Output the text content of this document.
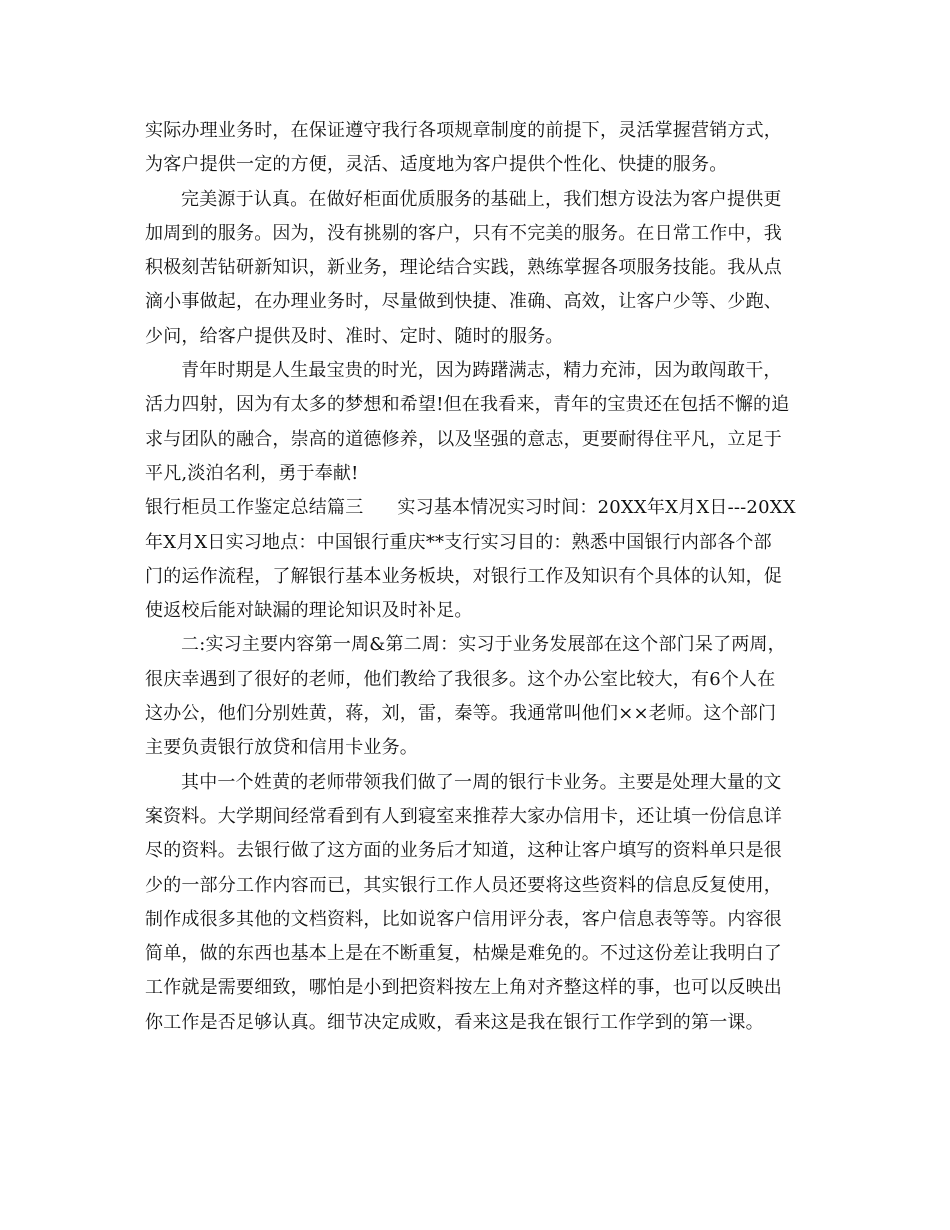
实际办理业务时，在保证遵守我行各项规章制度的前提下，灵活掌握营销方式，
为客户提供一定的方便，灵活、适度地为客户提供个性化、快捷的服务。
完美源于认真。在做好柜面优质服务的基础上，我们想方设法为客户提供更
加周到的服务。因为，没有挑剔的客户，只有不完美的服务。在日常工作中，我
积极刻苦钻研新知识，新业务，理论结合实践，熟练掌握各项服务技能。我从点
滴小事做起，在办理业务时，尽量做到快捷、准确、高效，让客户少等、少跑、
少问，给客户提供及时、准时、定时、随时的服务。
青年时期是人生最宝贵的时光，因为踌躇满志，精力充沛，因为敢闯敢干，
活力四射，因为有太多的梦想和希望!但在我看来，青年的宝贵还在包括不懈的追
求与团队的融合，崇高的道德修养，以及坚强的意志，更要耐得住平凡，立足于
平凡,淡泊名利，勇于奉献!
银行柜员工作鉴定总结篇三 实习基本情况实习时间：20XX年X月X日---20XX
年X月X日实习地点：中国银行重庆**支行实习目的：熟悉中国银行内部各个部
门的运作流程，了解银行基本业务板块，对银行工作及知识有个具体的认知，促
使返校后能对缺漏的理论知识及时补足。
二:实习主要内容第一周&第二周：实习于业务发展部在这个部门呆了两周，
很庆幸遇到了很好的老师，他们教给了我很多。这个办公室比较大，有6个人在
这办公，他们分别姓黄，蒋，刘，雷，秦等。我通常叫他们××老师。这个部门
主要负责银行放贷和信用卡业务。
其中一个姓黄的老师带领我们做了一周的银行卡业务。主要是处理大量的文
案资料。大学期间经常看到有人到寝室来推荐大家办信用卡，还让填一份信息详
尽的资料。去银行做了这方面的业务后才知道，这种让客户填写的资料单只是很
少的一部分工作内容而已，其实银行工作人员还要将这些资料的信息反复使用，
制作成很多其他的文档资料，比如说客户信用评分表，客户信息表等等。内容很
简单，做的东西也基本上是在不断重复，枯燥是难免的。不过这份差让我明白了
工作就是需要细致，哪怕是小到把资料按左上角对齐整这样的事，也可以反映出
你工作是否足够认真。细节决定成败，看来这是我在银行工作学到的第一课。
